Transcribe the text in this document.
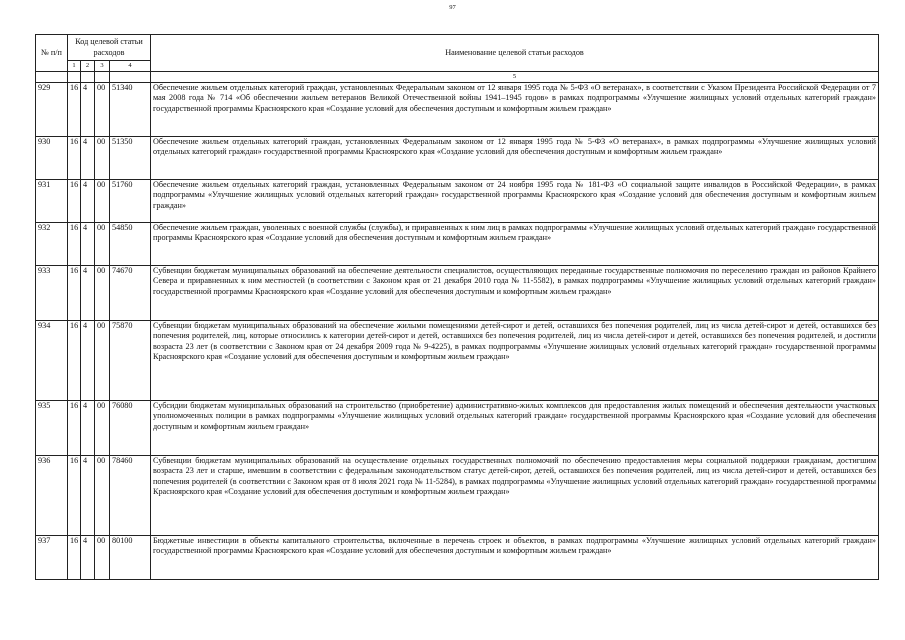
97
№ п/п	Код целевой статьи расходов				Наименование целевой статьи расходов
	1	2	3	4	
					5
929	16	4	00	51340	Обеспечение жильем отдельных категорий граждан, установленных Федеральным законом от 12 января 1995 года № 5-ФЗ «О ветеранах», в соответствии с Указом Президента Российской Федерации от 7 мая 2008 года № 714 «Об обеспечении жильем ветеранов Великой Отечественной войны 1941–1945 годов» в рамках подпрограммы «Улучшение жилищных условий отдельных категорий граждан» государственной программы Красноярского края «Создание условий для обеспечения доступным и комфортным жильем граждан»
930	16	4	00	51350	Обеспечение жильем отдельных категорий граждан, установленных Федеральным законом от 12 января 1995 года № 5-ФЗ «О ветеранах», в рамках подпрограммы «Улучшение жилищных условий отдельных категорий граждан» государственной программы Красноярского края «Создание условий для обеспечения доступным и комфортным жильем граждан»
931	16	4	00	51760	Обеспечение жильем отдельных категорий граждан, установленных Федеральным законом от 24 ноября 1995 года № 181-ФЗ «О социальной защите инвалидов в Российской Федерации», в рамках подпрограммы «Улучшение жилищных условий отдельных категорий граждан» государственной программы Красноярского края «Создание условий для обеспечения доступным и комфортным жильем граждан»
932	16	4	00	54850	Обеспечение жильем граждан, уволенных с военной службы (службы), и приравненных к ним лиц в рамках подпрограммы «Улучшение жилищных условий отдельных категорий граждан» государственной программы Красноярского края «Создание условий для обеспечения доступным и комфортным жильем граждан»
933	16	4	00	74670	Субвенции бюджетам муниципальных образований на обеспечение деятельности специалистов, осуществляющих переданные государственные полномочия по переселению граждан из районов Крайнего Севера и приравненных к ним местностей (в соответствии с Законом края от 21 декабря 2010 года № 11-5582), в рамках подпрограммы «Улучшение жилищных условий отдельных категорий граждан» государственной программы Красноярского края «Создание условий для обеспечения доступным и комфортным жильем граждан»
934	16	4	00	75870	Субвенции бюджетам муниципальных образований на обеспечение жилыми помещениями детей-сирот и детей, оставшихся без попечения родителей, лиц из числа детей-сирот и детей, оставшихся без попечения родителей, лиц, которые относились к категории детей-сирот и детей, оставшихся без попечения родителей, лиц из числа детей-сирот и детей, оставшихся без попечения родителей, и достигли возраста 23 лет (в соответствии с Законом края от 24 декабря 2009 года № 9-4225), в рамках подпрограммы «Улучшение жилищных условий отдельных категорий граждан» государственной программы Красноярского края «Создание условий для обеспечения доступным и комфортным жильем граждан»
935	16	4	00	76080	Субсидии бюджетам муниципальных образований на строительство (приобретение) административно-жилых комплексов для предоставления жилых помещений и обеспечения деятельности участковых уполномоченных полиции в рамках подпрограммы «Улучшение жилищных условий отдельных категорий граждан» государственной программы Красноярского края «Создание условий для обеспечения доступным и комфортным жильем граждан»
936	16	4	00	78460	Субвенции бюджетам муниципальных образований на осуществление отдельных государственных полномочий по обеспечению предоставления меры социальной поддержки гражданам, достигшим возраста 23 лет и старше, имевшим в соответствии с федеральным законодательством статус детей-сирот, детей, оставшихся без попечения родителей, лиц из числа детей-сирот и детей, оставшихся без попечения родителей (в соответствии с Законом края от 8 июля 2021 года № 11-5284), в рамках подпрограммы «Улучшение жилищных условий отдельных категорий граждан» государственной программы Красноярского края «Создание условий для обеспечения доступным и комфортным жильем граждан»
937	16	4	00	80100	Бюджетные инвестиции в объекты капитального строительства, включенные в перечень строек и объектов, в рамках подпрограммы «Улучшение жилищных условий отдельных категорий граждан» государственной программы Красноярского края «Создание условий для обеспечения доступным и комфортным жильем граждан»
